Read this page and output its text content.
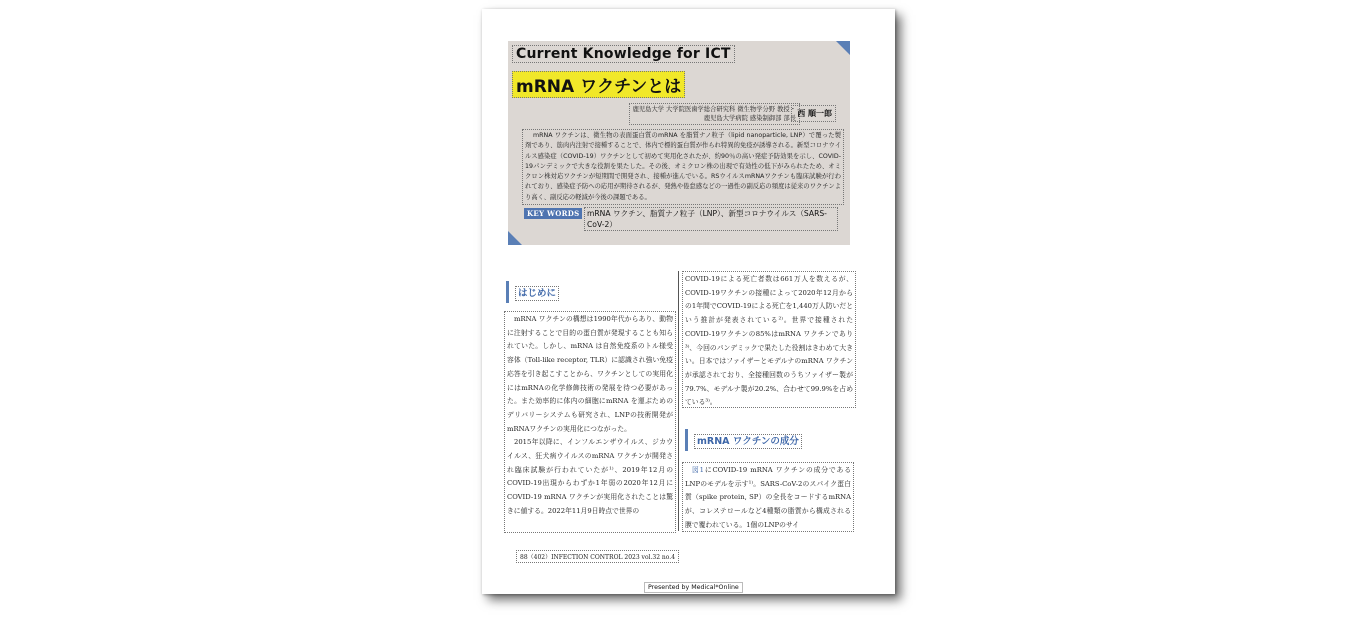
Current Knowledge for ICT
mRNA ワクチンとは
鹿児島大学 大学院医歯学総合研究科 微生物学分野 教授・
鹿児島大学病院 感染制御部 部長
西 順一郎
mRNA ワクチンは、微生物の表面蛋白質のmRNA を脂質ナノ粒子（lipid nanoparticle, LNP）で覆った製剤であり、筋肉内注射で接種することで、体内で標的蛋白質が作られ特異的免疫が誘導される。新型コロナウイルス感染症（COVID-19）ワクチンとして初めて実用化されたが、約90％の高い発症予防効果を示し、COVID-19パンデミックで大きな役割を果たした。その後、オミクロン株の出現で有効性の低下がみられたため、オミクロン株対応ワクチンが短期間で開発され、接種が進んでいる。RSウイルスmRNAワクチンも臨床試験が行われており、感染症予防への応用が期待されるが、発熱や倦怠感などの一過性の副反応の頻度は従来のワクチンより高く、副反応の軽減が今後の課題である。
KEY WORDS mRNA ワクチン、脂質ナノ粒子（LNP）、新型コロナウイルス（SARS-CoV-2）
はじめに

mRNA ワクチンの構想は1990年代からあり、動物に注射することで目的の蛋白質が発現することも知られていた。しかし、mRNA は自然免疫系のトル様受容体（Toll-like receptor, TLR）に認識され強い免疫応答を引き起こすことから、ワクチンとしての実用化にはmRNAの化学修飾技術の発展を待つ必要があった。また効率的に体内の細胞にmRNA を運ぶためのデリバリーシステムも研究され、LNPの技術開発がmRNAワクチンの実用化につながった。

2015年以降に、インフルエンザウイルス、ジカウイルス、狂犬病ウイルスのmRNA ワクチンが開発され臨床試験が行われていたが¹⁾、2019年12月のCOVID-19出現からわずか1年弱の2020年12月にCOVID-19 mRNA ワクチンが実用化されたことは驚きに値する。2022年11月9日時点で世界の

COVID-19による死亡者数は661万人を数えるが、COVID-19ワクチンの接種によって2020年12月からの1年間でCOVID-19による死亡を1,440万人防いだという推計が発表されている²⁾。世界で接種されたCOVID-19ワクチンの85%はmRNA ワクチンであり³⁾、今回のパンデミックで果たした役割はきわめて大きい。日本ではファイザーとモデルナのmRNA ワクチンが承認されており、全接種回数のうちファイザー製が79.7%、モデルナ製が20.2%、合わせて99.9%を占めている³⁾。

mRNA ワクチンの成分

図1にCOVID-19 mRNA ワクチンの成分であるLNPのモデルを示す¹⁾。SARS-CoV-2のスパイク蛋白質（spike protein, SP）の全長をコードするmRNA が、コレステロールなど4種類の脂質から構成される膜で覆われている。1個のLNPのサイ

88（402）INFECTION CONTROL 2023 vol.32 no.4
Presented by Medical*Online
